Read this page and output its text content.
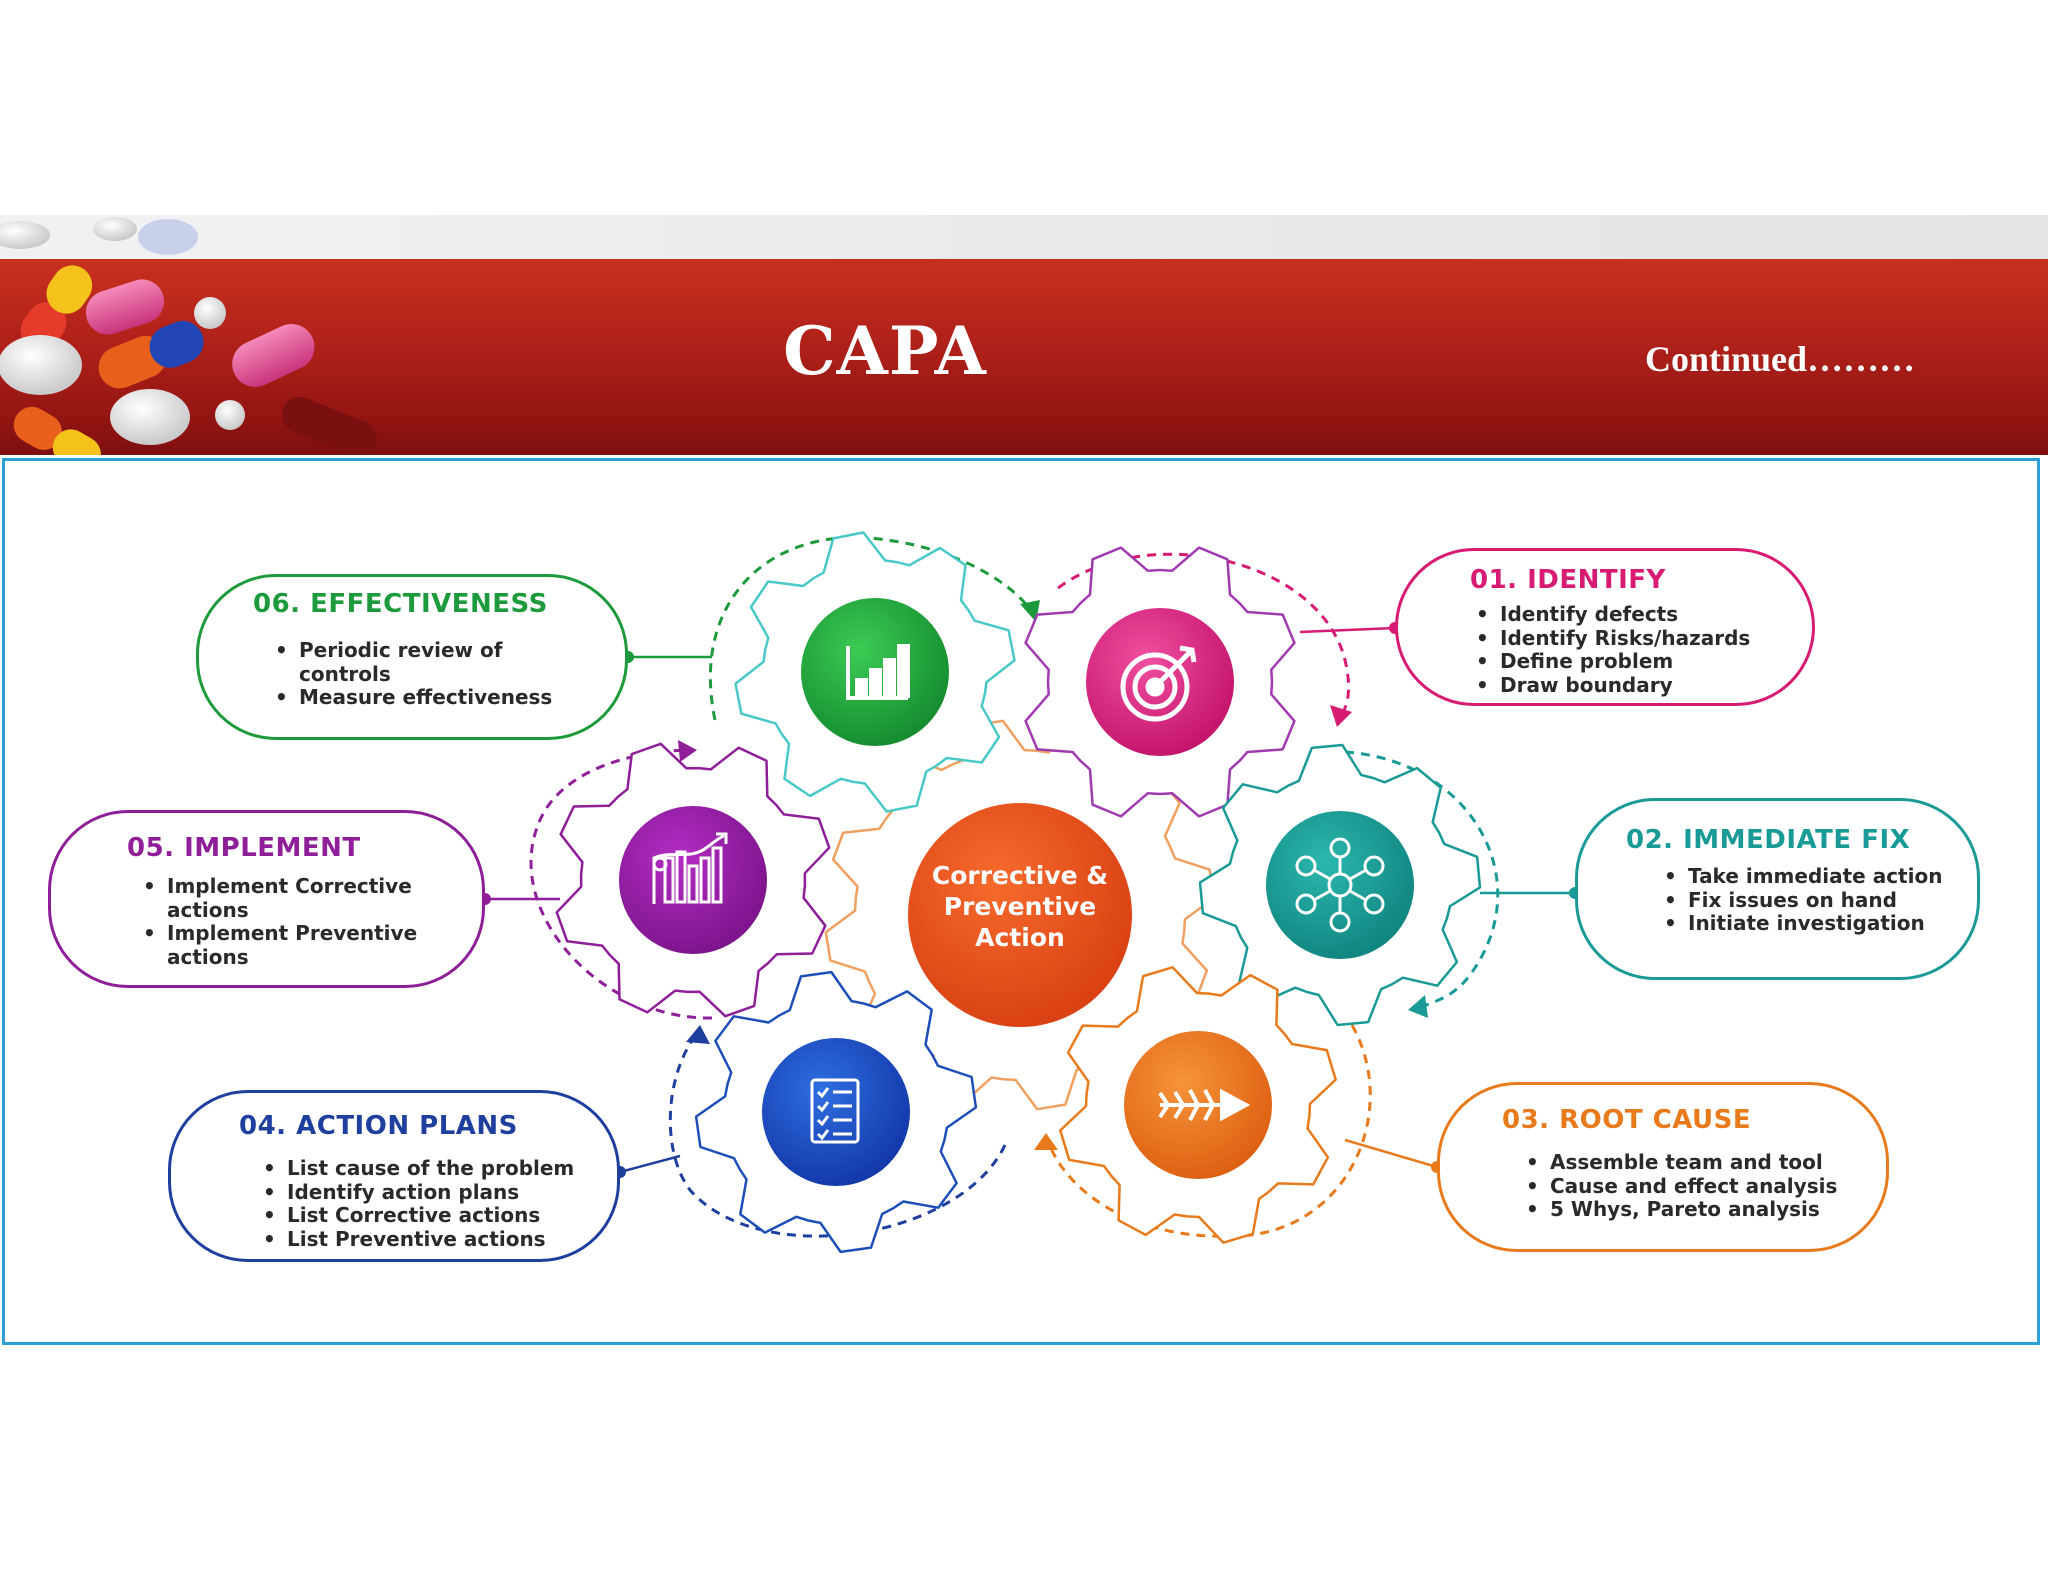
CAPA	Continued………
Corrective &
Preventive
Action
01. IDENTIFY
• Identify defects
• Identify Risks/hazards
• Define problem
• Draw boundary
02. IMMEDIATE FIX
• Take immediate action
• Fix issues on hand
• Initiate investigation
03. ROOT CAUSE
• Assemble team and tool
• Cause and effect analysis
• 5 Whys, Pareto analysis
04. ACTION PLANS
• List cause of the problem
• Identify action plans
• List Corrective actions
• List Preventive actions
05. IMPLEMENT
• Implement Corrective actions
• Implement Preventive actions
06. EFFECTIVENESS
• Periodic review of controls
• Measure effectiveness
